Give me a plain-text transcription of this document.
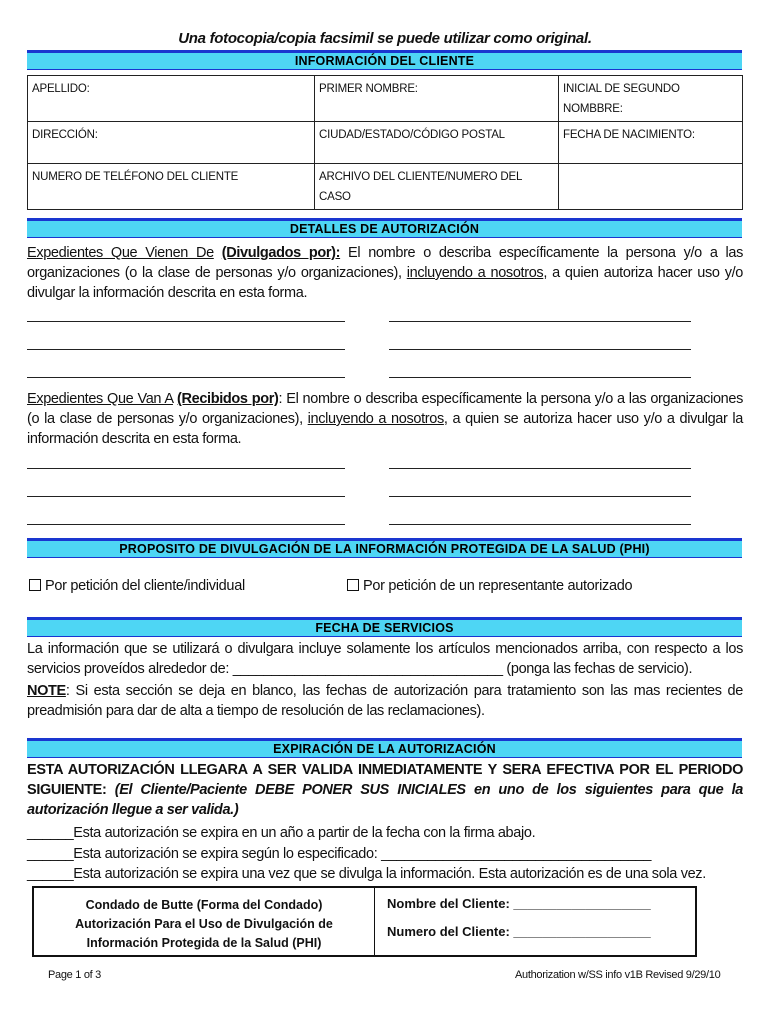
Una fotocopia/copia facsimil se puede utilizar como original.
INFORMACIÓN DEL CLIENTE
APELLIDO:	PRIMER NOMBRE:	INICIAL DE SEGUNDO NOMBBRE:
DIRECCIÓN:	CIUDAD/ESTADO/CÓDIGO POSTAL	FECHA DE NACIMIENTO:
NUMERO DE TELÉFONO DEL CLIENTE	ARCHIVO DEL CLIENTE/NUMERO DEL CASO	
DETALLES DE AUTORIZACIÓN
Expedientes Que Vienen De (Divulgados por): El nombre o describa específicamente la persona y/o a las organizaciones (o la clase de personas y/o organizaciones), incluyendo a nosotros, a quien autoriza hacer uso y/o divulgar la información descrita en esta forma.
Expedientes Que Van A (Recibidos por): El nombre o describa específicamente la persona y/o a las organizaciones (o la clase de personas y/o organizaciones), incluyendo a nosotros, a quien se autoriza hacer uso y/o a divulgar la información descrita en esta forma.
PROPOSITO DE DIVULGACIÓN DE LA INFORMACIÓN PROTEGIDA DE LA SALUD (PHI)
Por petición del cliente/individual	Por petición de un representante autorizado
FECHA DE SERVICIOS
La información que se utilizará o divulgara incluye solamente los artículos mencionados arriba, con respecto a los servicios proveídos alrededor de: ___________________________________ (ponga las fechas de servicio).
NOTE: Si esta sección se deja en blanco, las fechas de autorización para tratamiento son las mas recientes de preadmisión para dar de alta a tiempo de resolución de las reclamaciones).
EXPIRACIÓN DE LA AUTORIZACIÓN
ESTA AUTORIZACIÓN LLEGARA A SER VALIDA INMEDIATAMENTE Y SERA EFECTIVA POR EL PERIODO SIGUIENTE: (El Cliente/Paciente DEBE PONER SUS INICIALES en uno de los siguientes para que la autorización llegue a ser valida.)
______Esta autorización se expira en un año a partir de la fecha con la firma abajo.
______Esta autorización se expira según lo especificado: ___________________________________
______Esta autorización se expira una vez que se divulga la información. Esta autorización es de una sola vez.
Condado de Butte (Forma del Condado)
Autorización Para el Uso de Divulgación de
Información Protegida de la Salud (PHI)
Nombre del Cliente: ___________________
Numero del Cliente: ___________________
Page 1 of 3	Authorization w/SS info v1B Revised 9/29/10
